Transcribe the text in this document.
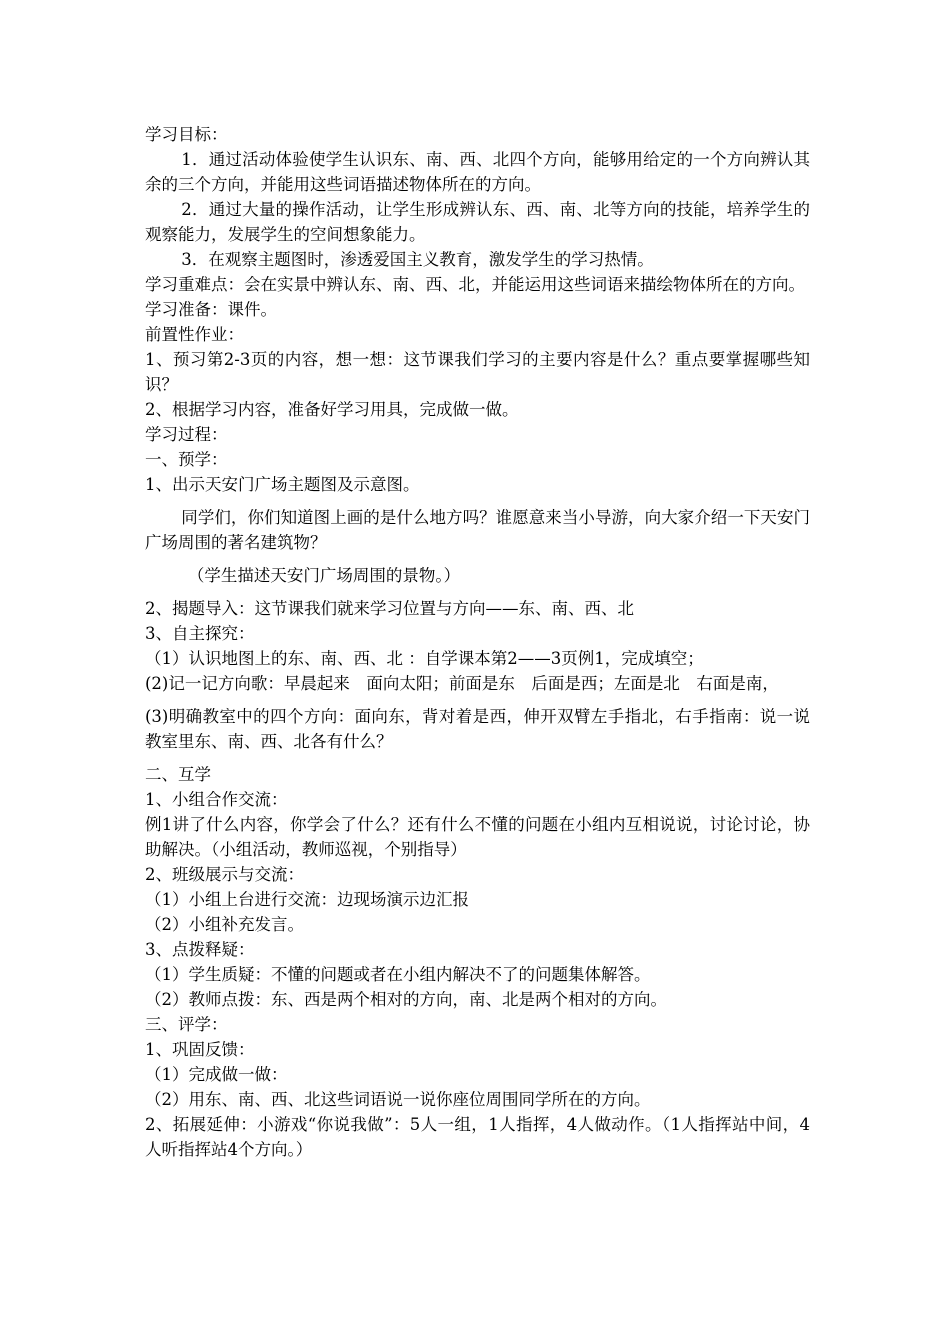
学习目标：

1．通过活动体验使学生认识东、南、西、北四个方向，能够用给定的一个方向辨认其余的三个方向，并能用这些词语描述物体所在的方向。

2．通过大量的操作活动，让学生形成辨认东、西、南、北等方向的技能，培养学生的观察能力，发展学生的空间想象能力。

3．在观察主题图时，渗透爱国主义教育，激发学生的学习热情。

学习重难点：会在实景中辨认东、南、西、北，并能运用这些词语来描绘物体所在的方向。

学习准备：课件。

前置性作业：

1、预习第2-3页的内容，想一想：这节课我们学习的主要内容是什么？重点要掌握哪些知识？

2、根据学习内容，准备好学习用具，完成做一做。

学习过程：

一、预学：

1、出示天安门广场主题图及示意图。

同学们，你们知道图上画的是什么地方吗？谁愿意来当小导游，向大家介绍一下天安门广场周围的著名建筑物？

（学生描述天安门广场周围的景物。）

2、揭题导入：这节课我们就来学习位置与方向——东、南、西、北

3、自主探究：

（1）认识地图上的东、南、西、北 ：自学课本第2——3页例1，完成填空；

(2)记一记方向歌：早晨起来　面向太阳；前面是东　后面是西；左面是北　右面是南，

(3)明确教室中的四个方向：面向东，背对着是西，伸开双臂左手指北，右手指南：说一说教室里东、南、西、北各有什么？

二、互学

1、小组合作交流：

例1讲了什么内容，你学会了什么？还有什么不懂的问题在小组内互相说说，讨论讨论，协助解决。（小组活动，教师巡视，个别指导）

2、班级展示与交流：

（1）小组上台进行交流：边现场演示边汇报

（2）小组补充发言。

3、点拨释疑：

（1）学生质疑：不懂的问题或者在小组内解决不了的问题集体解答。

（2）教师点拨：东、西是两个相对的方向，南、北是两个相对的方向。

三、评学：

1、巩固反馈：

（1）完成做一做：

（2）用东、南、西、北这些词语说一说你座位周围同学所在的方向。

2、拓展延伸：小游戏“你说我做”：5人一组，1人指挥，4人做动作。（1人指挥站中间，4人听指挥站4个方向。）
